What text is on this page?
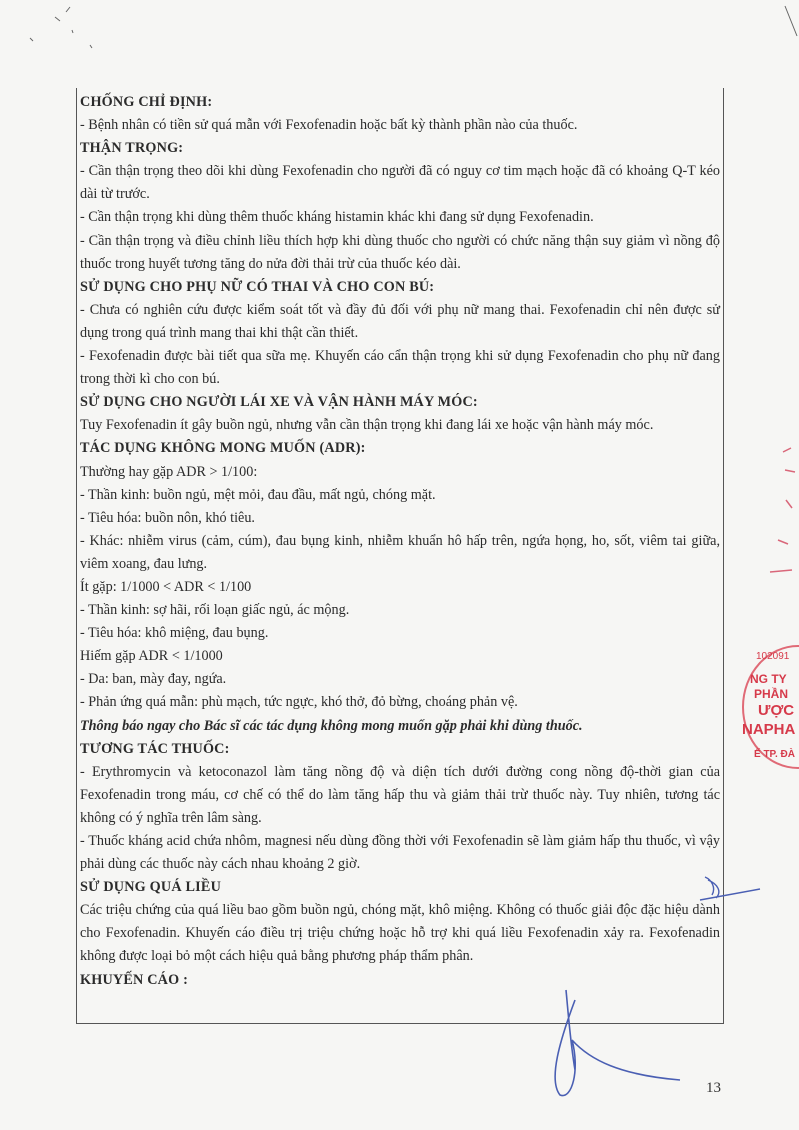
CHỐNG CHỈ ĐỊNH:

- Bệnh nhân có tiền sử quá mẫn với Fexofenadin hoặc bất kỳ thành phần nào của thuốc.

THẬN TRỌNG:

- Cần thận trọng theo dõi khi dùng Fexofenadin cho người đã có nguy cơ tim mạch hoặc đã có khoảng Q-T kéo dài từ trước.

- Cần thận trọng khi dùng thêm thuốc kháng histamin khác khi đang sử dụng Fexofenadin.

- Cần thận trọng và điều chỉnh liều thích hợp khi dùng thuốc cho người có chức năng thận suy giảm vì nồng độ thuốc trong huyết tương tăng do nửa đời thải trừ của thuốc kéo dài.

SỬ DỤNG CHO PHỤ NỮ CÓ THAI VÀ CHO CON BÚ:

- Chưa có nghiên cứu được kiểm soát tốt và đầy đủ đối với phụ nữ mang thai. Fexofenadin chỉ nên được sử dụng trong quá trình mang thai khi thật cần thiết.

- Fexofenadin được bài tiết qua sữa mẹ. Khuyến cáo cẩn thận trọng khi sử dụng Fexofenadin cho phụ nữ đang trong thời kì cho con bú.

SỬ DỤNG CHO NGƯỜI LÁI XE VÀ VẬN HÀNH MÁY MÓC:

Tuy Fexofenadin ít gây buồn ngủ, nhưng vẫn cần thận trọng khi đang lái xe hoặc vận hành máy móc.

TÁC DỤNG KHÔNG MONG MUỐN (ADR):

Thường hay gặp ADR > 1/100:

- Thần kinh: buồn ngủ, mệt mỏi, đau đầu, mất ngủ, chóng mặt.

- Tiêu hóa: buồn nôn, khó tiêu.

- Khác: nhiễm virus (cảm, cúm), đau bụng kinh, nhiễm khuẩn hô hấp trên, ngứa họng, ho, sốt, viêm tai giữa, viêm xoang, đau lưng.

Ít gặp: 1/1000 < ADR < 1/100

- Thần kinh: sợ hãi, rối loạn giấc ngủ, ác mộng.

- Tiêu hóa: khô miệng, đau bụng.

Hiếm gặp ADR < 1/1000

- Da: ban, mày đay, ngứa.

- Phản ứng quá mẫn: phù mạch, tức ngực, khó thở, đỏ bừng, choáng phản vệ.

Thông báo ngay cho Bác sĩ các tác dụng không mong muốn gặp phải khi dùng thuốc.

TƯƠNG TÁC THUỐC:

- Erythromycin và ketoconazol làm tăng nồng độ và diện tích dưới đường cong nồng độ-thời gian của Fexofenadin trong máu, cơ chế có thể do làm tăng hấp thu và giảm thải trừ thuốc này. Tuy nhiên, tương tác không có ý nghĩa trên lâm sàng.

- Thuốc kháng acid chứa nhôm, magnesi nếu dùng đồng thời với Fexofenadin sẽ làm giảm hấp thu thuốc, vì vậy phải dùng các thuốc này cách nhau khoảng 2 giờ.

SỬ DỤNG QUÁ LIỀU

Các triệu chứng của quá liều bao gồm buồn ngủ, chóng mặt, khô miệng. Không có thuốc giải độc đặc hiệu dành cho Fexofenadin. Khuyến cáo điều trị triệu chứng hoặc hỗ trợ khi quá liều Fexofenadin xảy ra. Fexofenadin không được loại bỏ một cách hiệu quả bằng phương pháp thẩm phân.

KHUYẾN CÁO :

13
102091
NG TY
PHẦN
ƯỢC
NAPHA
Ế TP. ĐÀ
